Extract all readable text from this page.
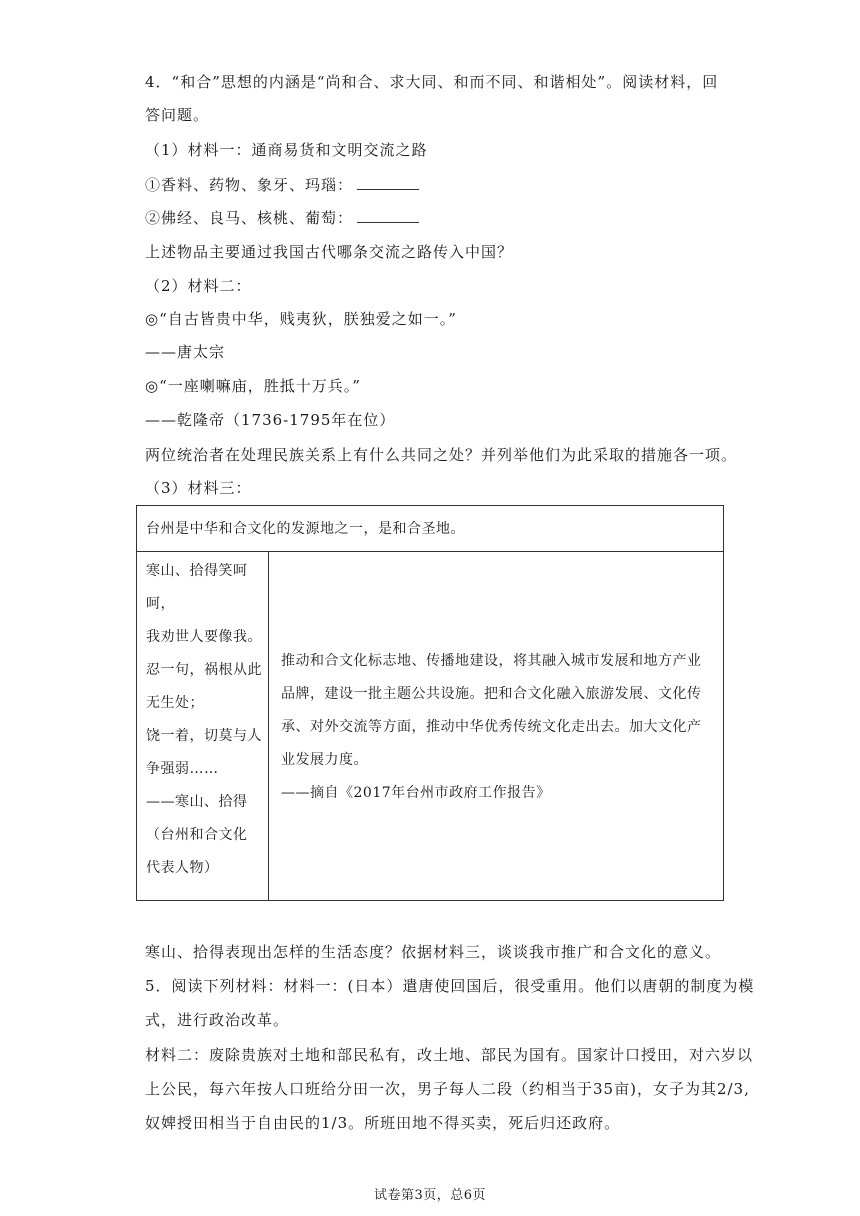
4．“和合”思想的内涵是“尚和合、求大同、和而不同、和谐相处”。阅读材料，回
答问题。
（1）材料一：通商易货和文明交流之路
①香料、药物、象牙、玛瑙：
②佛经、良马、核桃、葡萄：
上述物品主要通过我国古代哪条交流之路传入中国？
（2）材料二：
◎“自古皆贵中华，贱夷狄，朕独爱之如一。”
——唐太宗
◎“一座喇嘛庙，胜抵十万兵。”
——乾隆帝（1736-1795年在位）
两位统治者在处理民族关系上有什么共同之处？并列举他们为此采取的措施各一项。
（3）材料三：
台州是中华和合文化的发源地之一，是和合圣地。

寒山、拾得笑呵
呵，
我劝世人要像我。
忍一句，祸根从此
无生处；
饶一着，切莫与人
争强弱……
——寒山、拾得
（台州和合文化
代表人物）

推动和合文化标志地、传播地建设，将其融入城市发展和地方产业
品牌，建设一批主题公共设施。把和合文化融入旅游发展、文化传
承、对外交流等方面，推动中华优秀传统文化走出去。加大文化产
业发展力度。
——摘自《2017年台州市政府工作报告》
寒山、拾得表现出怎样的生活态度？依据材料三，谈谈我市推广和合文化的意义。
5．阅读下列材料：材料一：(日本）遣唐使回国后，很受重用。他们以唐朝的制度为模
式，进行政治改革。
材料二：废除贵族对土地和部民私有，改土地、部民为国有。国家计口授田，对六岁以
上公民，每六年按人口班给分田一次，男子每人二段（约相当于35亩)，女子为其2/3,
奴婢授田相当于自由民的1/3。所班田地不得买卖，死后归还政府。
试卷第3页，总6页
